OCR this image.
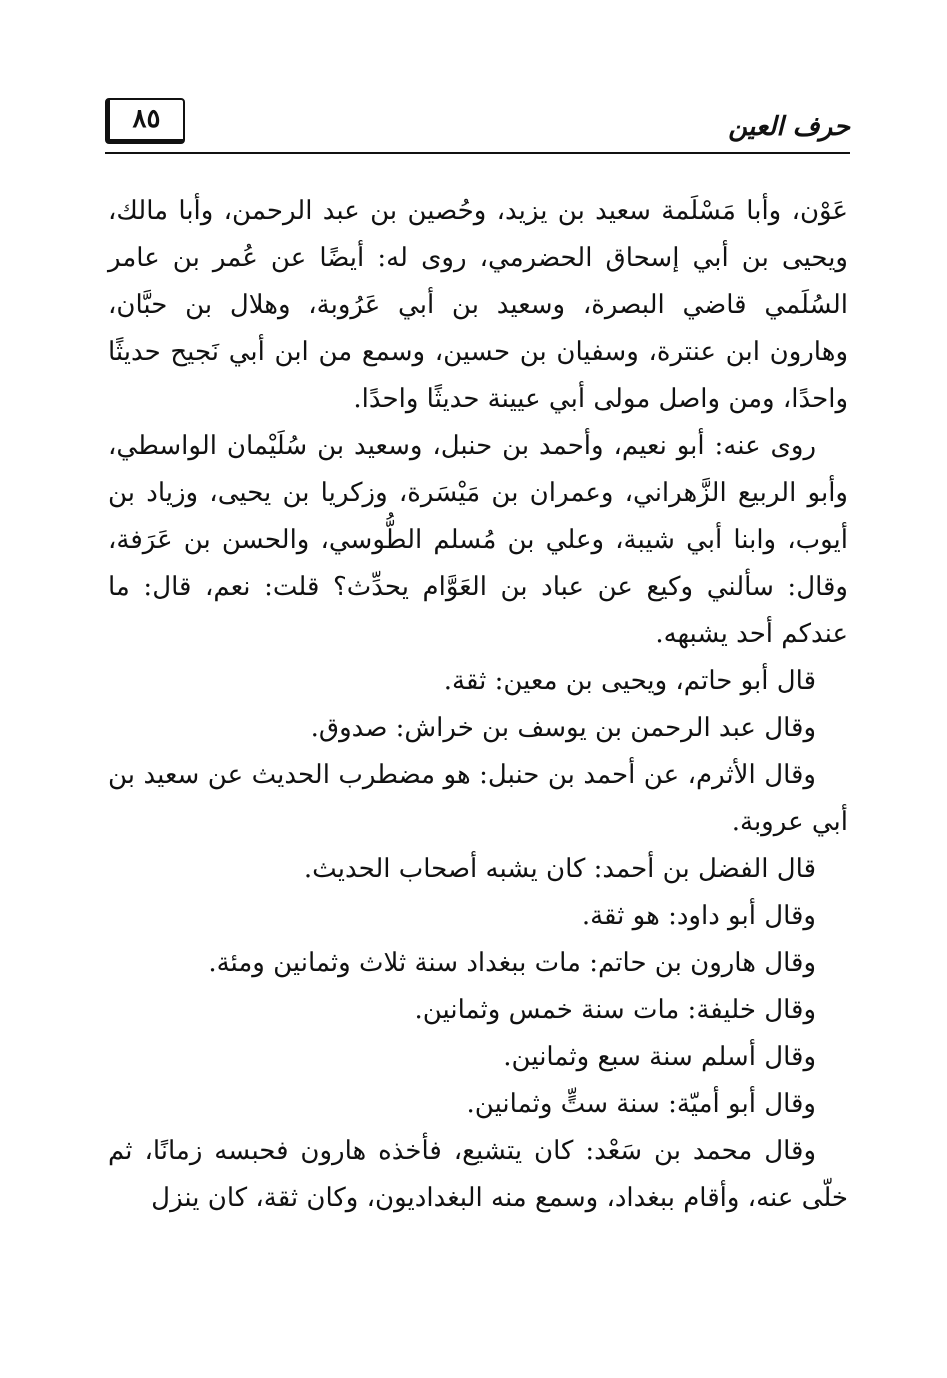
حرف العين
٨٥

عَوْن، وأبا مَسْلَمة سعيد بن يزيد، وحُصين بن عبد الرحمن، وأبا مالك، ويحيى بن أبي إسحاق الحضرمي، روى له: أيضًا عن عُمر بن عامر السُلَمي قاضي البصرة، وسعيد بن أبي عَرُوبة، وهلال بن حبَّان، وهارون ابن عنترة، وسفيان بن حسين، وسمع من ابن أبي نَجيح حديثًا واحدًا، ومن واصل مولى أبي عيينة حديثًا واحدًا.

روى عنه: أبو نعيم، وأحمد بن حنبل، وسعيد بن سُلَيْمان الواسطي، وأبو الربيع الزَّهراني، وعمران بن مَيْسَرة، وزكريا بن يحيى، وزياد بن أيوب، وابنا أبي شيبة، وعلي بن مُسلم الطُّوسي، والحسن بن عَرَفة، وقال: سألني وكيع عن عباد بن العَوَّام يحدِّث؟ قلت: نعم، قال: ما عندكم أحد يشبهه.

قال أبو حاتم، ويحيى بن معين: ثقة.

وقال عبد الرحمن بن يوسف بن خراش: صدوق.

وقال الأثرم، عن أحمد بن حنبل: هو مضطرب الحديث عن سعيد بن أبي عروبة.

قال الفضل بن أحمد: كان يشبه أصحاب الحديث.

وقال أبو داود: هو ثقة.

وقال هارون بن حاتم: مات ببغداد سنة ثلاث وثمانين ومئة.

وقال خليفة: مات سنة خمس وثمانين.

وقال أسلم سنة سبع وثمانين.

وقال أبو أميّة: سنة ستٍّ وثمانين.

وقال محمد بن سَعْد: كان يتشيع، فأخذه هارون فحبسه زمانًا، ثم خلّى عنه، وأقام ببغداد، وسمع منه البغداديون، وكان ثقة، كان ينزل
